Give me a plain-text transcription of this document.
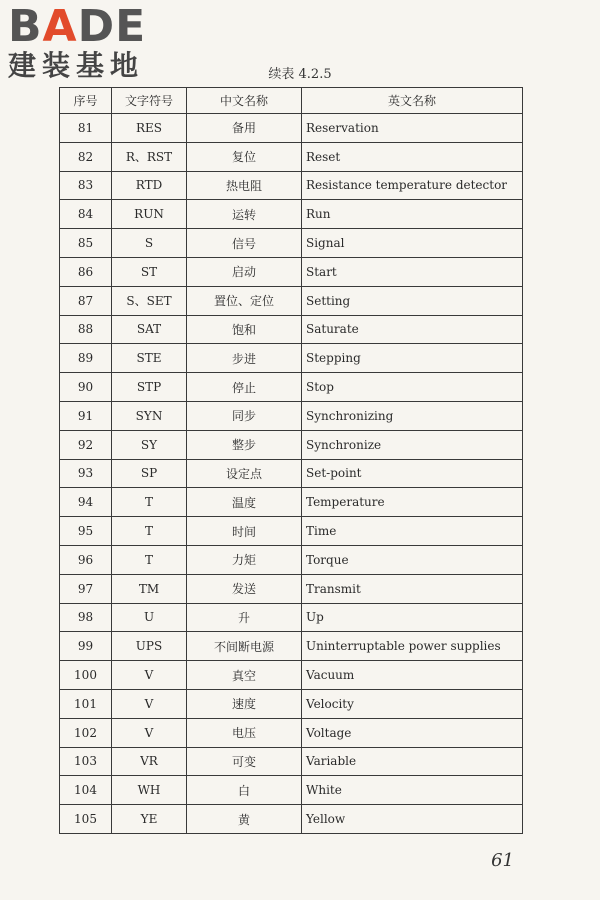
BADE
建装基地	续表 4.2.5
序号	文字符号	中文名称	英文名称
81	RES	备用	Reservation
82	R、RST	复位	Reset
83	RTD	热电阻	Resistance temperature detector
84	RUN	运转	Run
85	S	信号	Signal
86	ST	启动	Start
87	S、SET	置位、定位	Setting
88	SAT	饱和	Saturate
89	STE	步进	Stepping
90	STP	停止	Stop
91	SYN	同步	Synchronizing
92	SY	整步	Synchronize
93	SP	设定点	Set-point
94	T	温度	Temperature
95	T	时间	Time
96	T	力矩	Torque
97	TM	发送	Transmit
98	U	升	Up
99	UPS	不间断电源	Uninterruptable power supplies
100	V	真空	Vacuum
101	V	速度	Velocity
102	V	电压	Voltage
103	VR	可变	Variable
104	WH	白	White
105	YE	黄	Yellow
61
